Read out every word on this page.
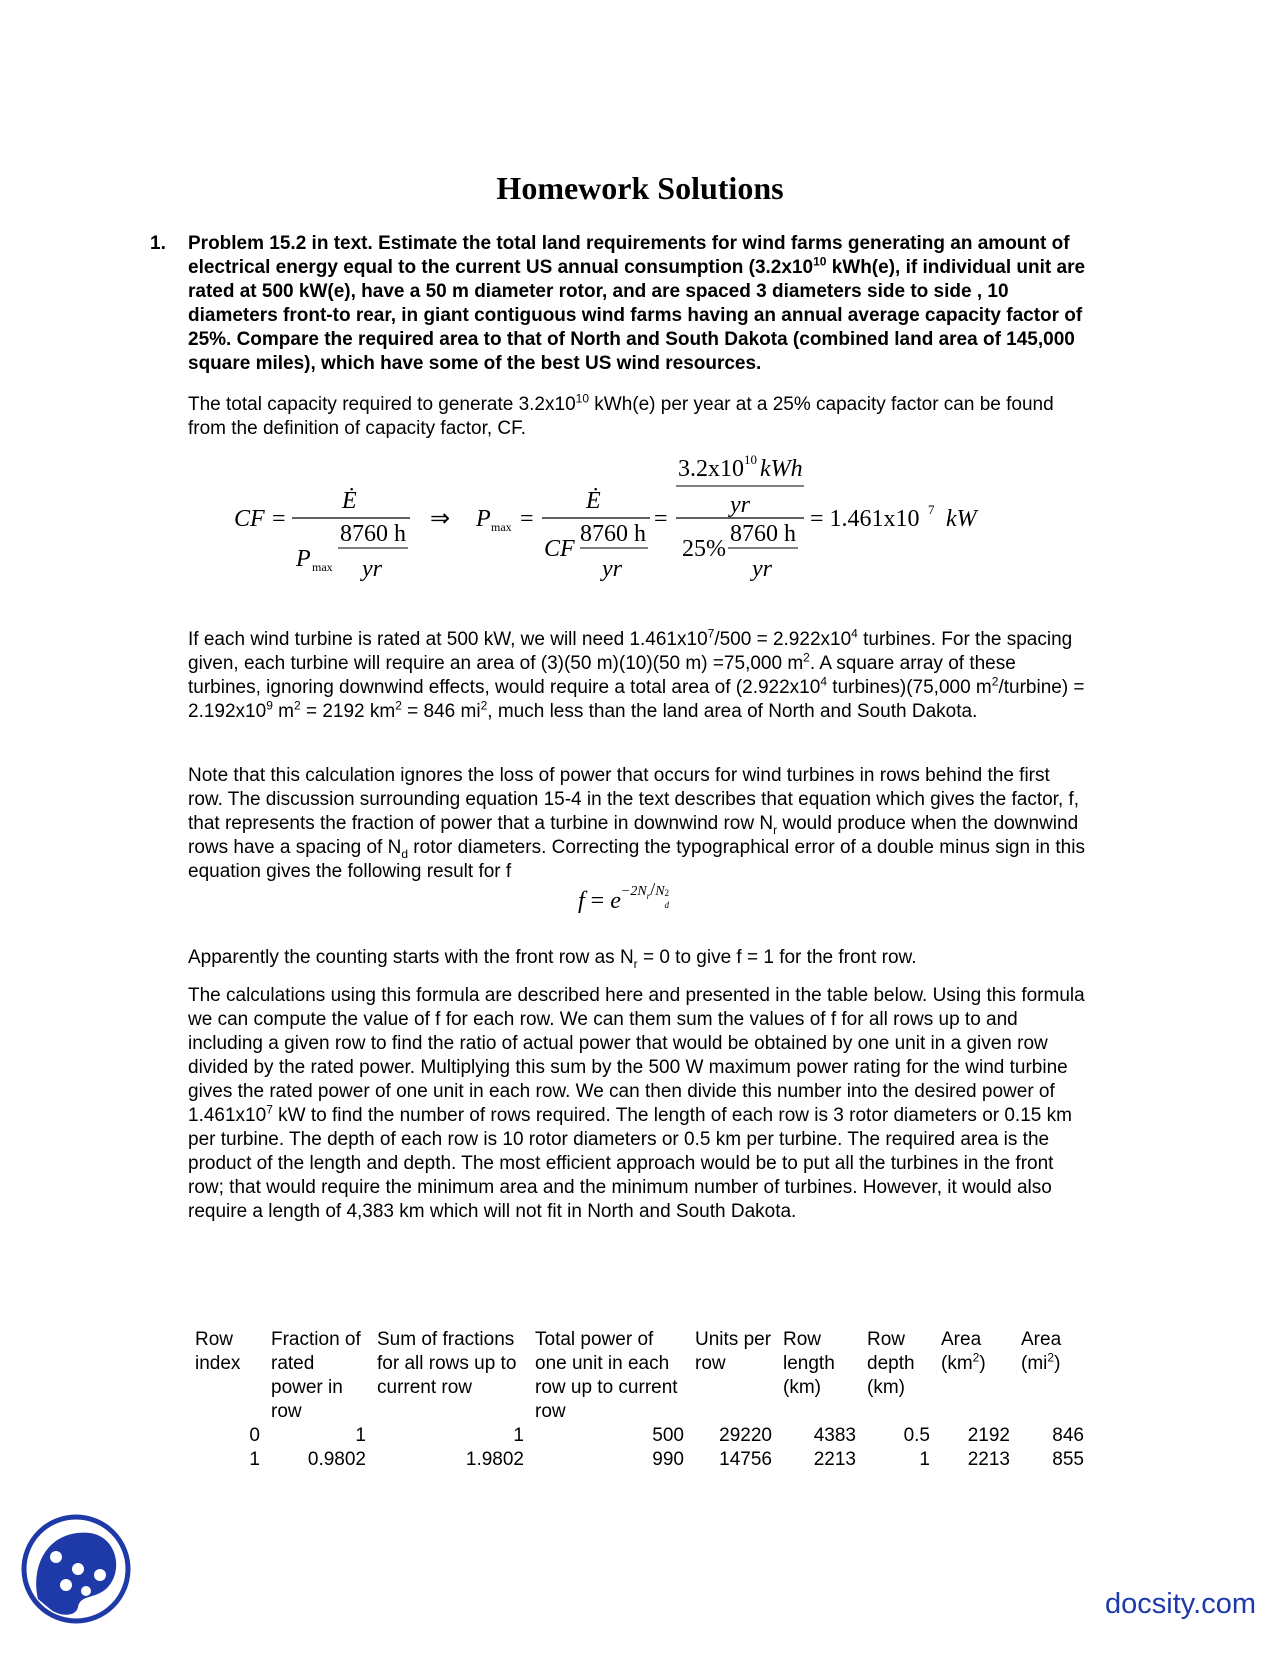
Homework Solutions
1. Problem 15.2 in text. Estimate the total land requirements for wind farms generating an amount of electrical energy equal to the current US annual consumption ($3.2x10^{10}$ kWh(e), if individual unit are rated at 500 kW(e), have a 50 m diameter rotor, and are spaced 3 diameters side to side , 10 diameters front-to rear, in giant contiguous wind farms having an annual average capacity factor of 25%. Compare the required area to that of North and South Dakota (combined land area of 145,000 square miles), which have some of the best US wind resources.
The total capacity required to generate $3.2x10^{10}$ kWh(e) per year at a 25% capacity factor can be found from the definition of capacity factor, CF.
CF =
Ė
P max
8760 h
yr
⇒ P max =
Ė
CF
8760 h
yr
=
3.2x10 10 kWh
yr
25%
8760 h
yr
= 1.461x10 7 kW
If each wind turbine is rated at 500 kW, we will need $1.461x10^7/500 = 2.922x10^4$ turbines. For the spacing given, each turbine will require an area of (3)(50 m)(10)(50 m) =75,000 $m^2$. A square array of these turbines, ignoring downwind effects, would require a total area of ($2.922x10^4$ turbines)(75,000 $m^2/turbine) = 2.192x10^9$ $m^2 = 2192$ $km^2 = 846$ $mi^2$, much less than the land area of North and South Dakota.
Note that this calculation ignores the loss of power that occurs for wind turbines in rows behind the first row. The discussion surrounding equation 15-4 in the text describes that equation which gives the factor, f, that represents the fraction of power that a turbine in downwind row $N_r$ would produce when the downwind rows have a spacing of $N_d$ rotor diameters. Correcting the typographical error of a double minus sign in this equation gives the following result for f
$f = e^{-2N_r/N 2 d}$
Apparently the counting starts with the front row as $N_r = 0$ to give f = 1 for the front row.
The calculations using this formula are described here and presented in the table below. Using this formula we can compute the value of f for each row. We can them sum the values of f for all rows up to and including a given row to find the ratio of actual power that would be obtained by one unit in a given row divided by the rated power. Multiplying this sum by the 500 W maximum power rating for the wind turbine gives the rated power of one unit in each row. We can then divide this number into the desired power of $1.461x10^7$ kW to find the number of rows required. The length of each row is 3 rotor diameters or 0.15 km per turbine. The depth of each row is 10 rotor diameters or 0.5 km per turbine. The required area is the product of the length and depth. The most efficient approach would be to put all the turbines in the front row; that would require the minimum area and the minimum number of turbines. However, it would also require a length of 4,383 km which will not fit in North and South Dakota.
Row index	Fraction of rated power in row	Sum of fractions for all rows up to current row	Total power of one unit in each row up to current row	Units per row	Row length (km)	Row depth (km)	Area $(km^2)$	Area $(mi^2)$
0	1	1	500	29220	4383	0.5	2192	846
1	0.9802	1.9802	990	14756	2213	1	2213	855
docsity.com
